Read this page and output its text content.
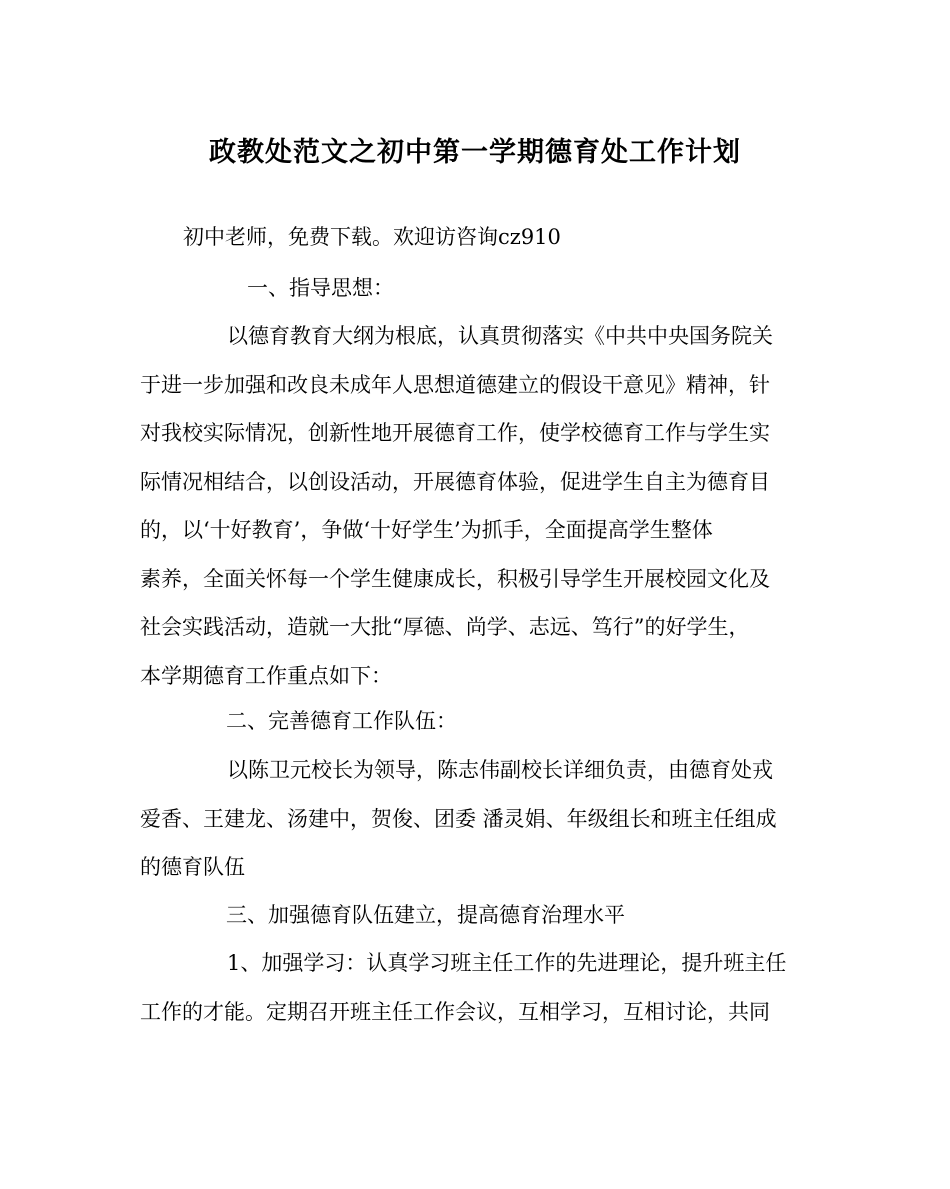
政教处范文之初中第一学期德育处工作计划
初中老师，免费下载。欢迎访咨询cz910
一、指导思想：
以德育教育大纲为根底，认真贯彻落实《中共中央国务院关
于进一步加强和改良未成年人思想道德建立的假设干意见》精神，针
对我校实际情况，创新性地开展德育工作，使学校德育工作与学生实
际情况相结合，以创设活动，开展德育体验，促进学生自主为德育目
的，以‘十好教育’，争做‘十好学生’为抓手，全面提高学生整体
素养，全面关怀每一个学生健康成长，积极引导学生开展校园文化及
社会实践活动，造就一大批“厚德、尚学、志远、笃行”的好学生，
本学期德育工作重点如下：
二、完善德育工作队伍：
以陈卫元校长为领导，陈志伟副校长详细负责，由德育处戎
爱香、王建龙、汤建中，贺俊、团委 潘灵娟、年级组长和班主任组成
的德育队伍
三、加强德育队伍建立，提高德育治理水平
1、加强学习：认真学习班主任工作的先进理论，提升班主任
工作的才能。定期召开班主任工作会议，互相学习，互相讨论，共同
